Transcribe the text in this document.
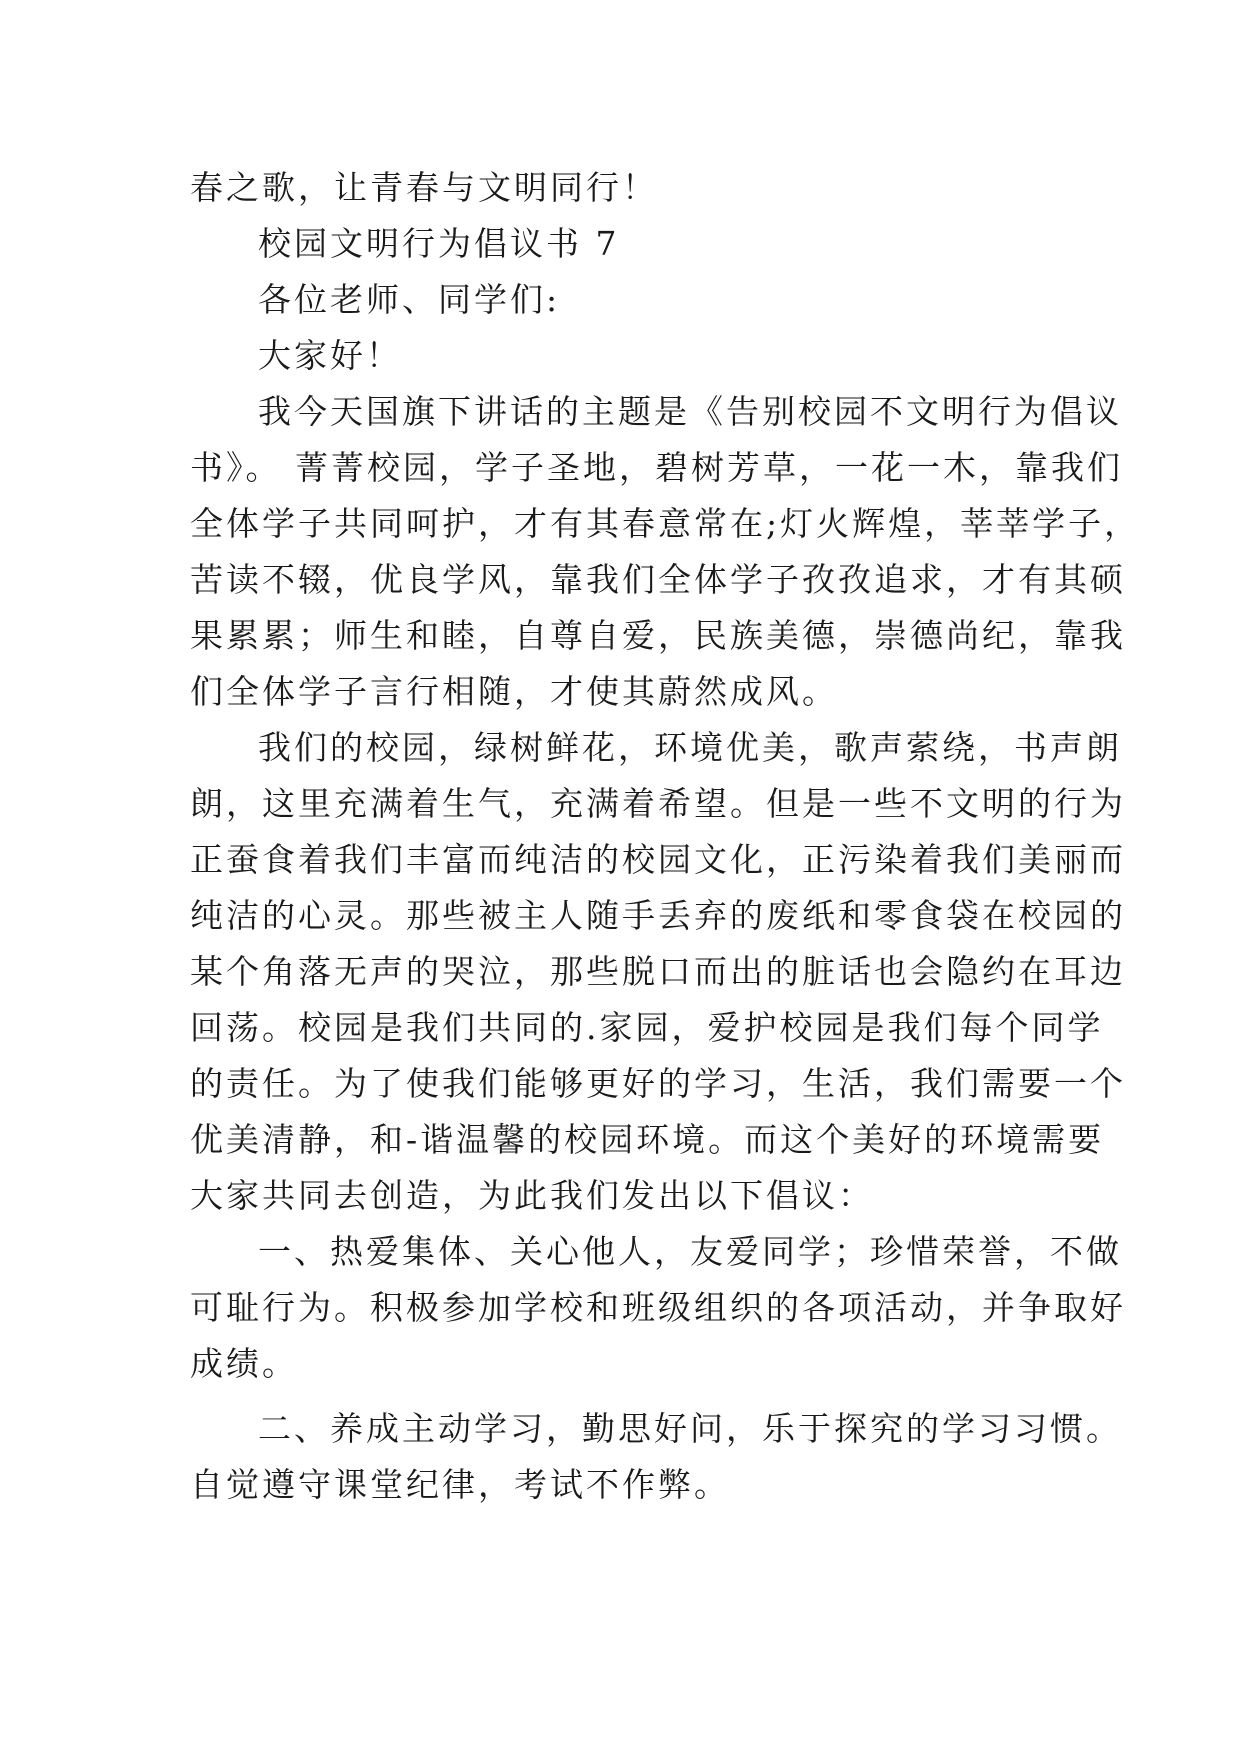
春之歌，让青春与文明同行！
校园文明行为倡议书 7
各位老师、同学们:
大家好！
我今天国旗下讲话的主题是《告别校园不文明行为倡议
书》。 菁菁校园，学子圣地，碧树芳草，一花一木，靠我们
全体学子共同呵护，才有其春意常在;灯火辉煌，莘莘学子，
苦读不辍，优良学风，靠我们全体学子孜孜追求，才有其硕
果累累；师生和睦，自尊自爱，民族美德，崇德尚纪，靠我
们全体学子言行相随，才使其蔚然成风。
我们的校园，绿树鲜花，环境优美，歌声萦绕，书声朗
朗，这里充满着生气，充满着希望。但是一些不文明的行为
正蚕食着我们丰富而纯洁的校园文化，正污染着我们美丽而
纯洁的心灵。那些被主人随手丢弃的废纸和零食袋在校园的
某个角落无声的哭泣，那些脱口而出的脏话也会隐约在耳边
回荡。校园是我们共同的.家园，爱护校园是我们每个同学
的责任。为了使我们能够更好的学习，生活，我们需要一个
优美清静，和-谐温馨的校园环境。而这个美好的环境需要
大家共同去创造，为此我们发出以下倡议：
一、热爱集体、关心他人，友爱同学；珍惜荣誉，不做
可耻行为。积极参加学校和班级组织的各项活动，并争取好
成绩。
二、养成主动学习，勤思好问，乐于探究的学习习惯。
自觉遵守课堂纪律，考试不作弊。
